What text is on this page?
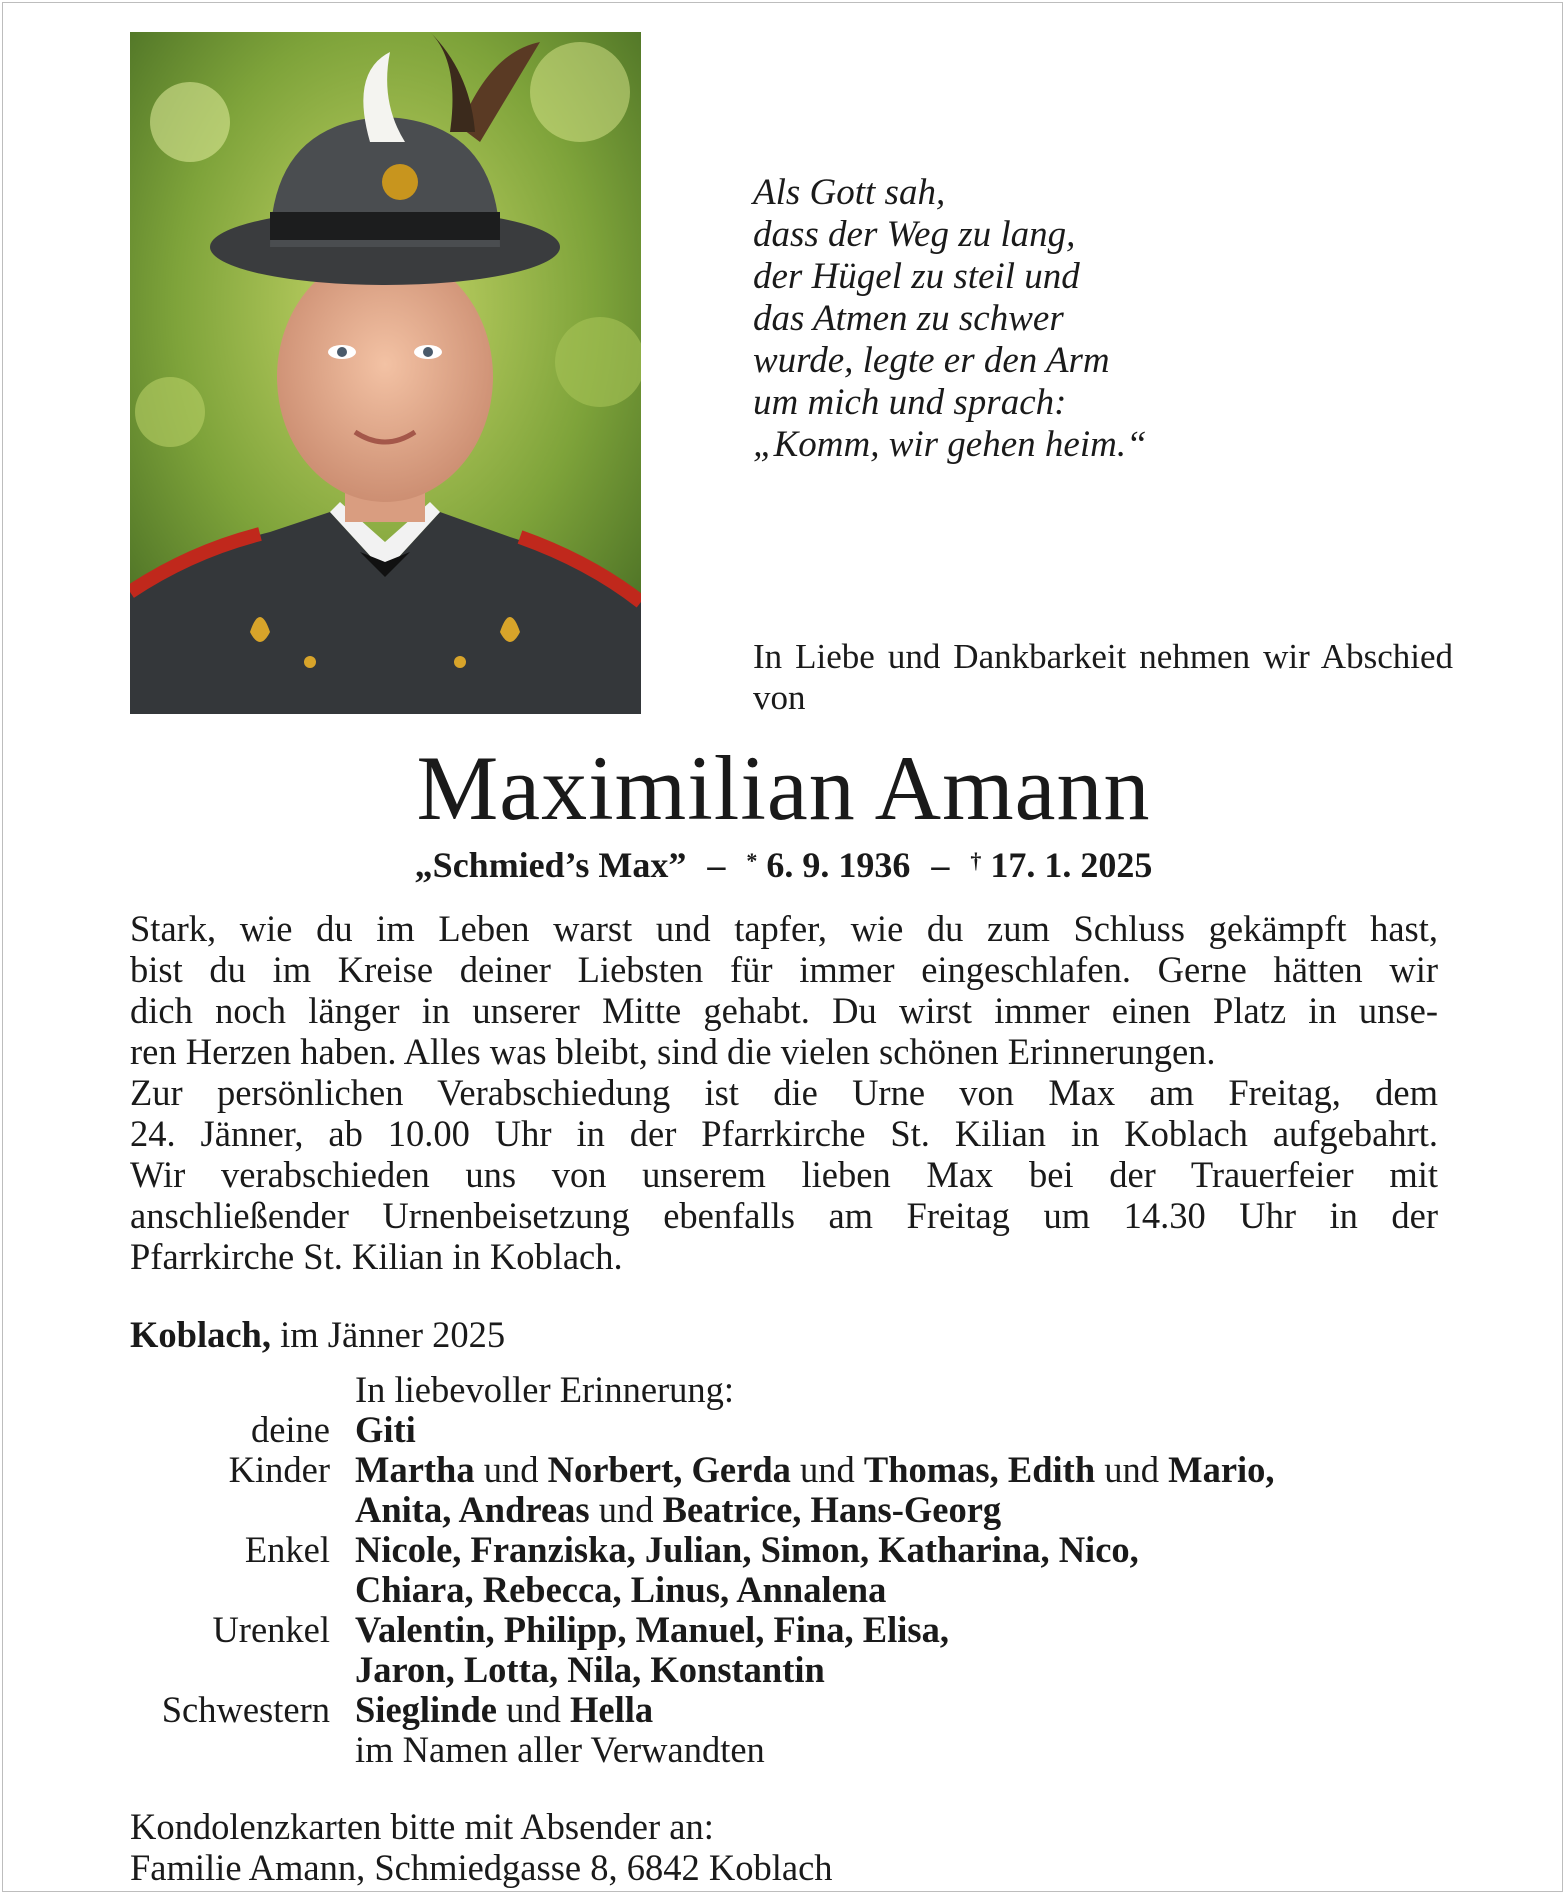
Als Gott sah,
dass der Weg zu lang,
der Hügel zu steil und
das Atmen zu schwer
wurde, legte er den Arm
um mich und sprach:
„Komm, wir gehen heim.“
In Liebe und Dankbarkeit nehmen wir Abschied von
Maximilian Amann
„Schmied’s Max” – * 6. 9. 1936 – † 17. 1. 2025
Stark, wie du im Leben warst und tapfer, wie du zum Schluss gekämpft hast,
bist du im Kreise deiner Liebsten für immer eingeschlafen. Gerne hätten wir
dich noch länger in unserer Mitte gehabt. Du wirst immer einen Platz in unse-
ren Herzen haben. Alles was bleibt, sind die vielen schönen Erinnerungen.
Zur persönlichen Verabschiedung ist die Urne von Max am Freitag, dem
24. Jänner, ab 10.00 Uhr in der Pfarrkirche St. Kilian in Koblach aufgebahrt.
Wir verabschieden uns von unserem lieben Max bei der Trauerfeier mit
anschließender Urnenbeisetzung ebenfalls am Freitag um 14.30 Uhr in der
Pfarrkirche St. Kilian in Koblach.
Koblach, im Jänner 2025
In liebevoller Erinnerung:
deine Giti
Kinder Martha und Norbert, Gerda und Thomas, Edith und Mario,
Anita, Andreas und Beatrice, Hans-Georg
Enkel Nicole, Franziska, Julian, Simon, Katharina, Nico,
Chiara, Rebecca, Linus, Annalena
Urenkel Valentin, Philipp, Manuel, Fina, Elisa,
Jaron, Lotta, Nila, Konstantin
Schwestern Sieglinde und Hella
im Namen aller Verwandten
Kondolenzkarten bitte mit Absender an:
Familie Amann, Schmiedgasse 8, 6842 Koblach
